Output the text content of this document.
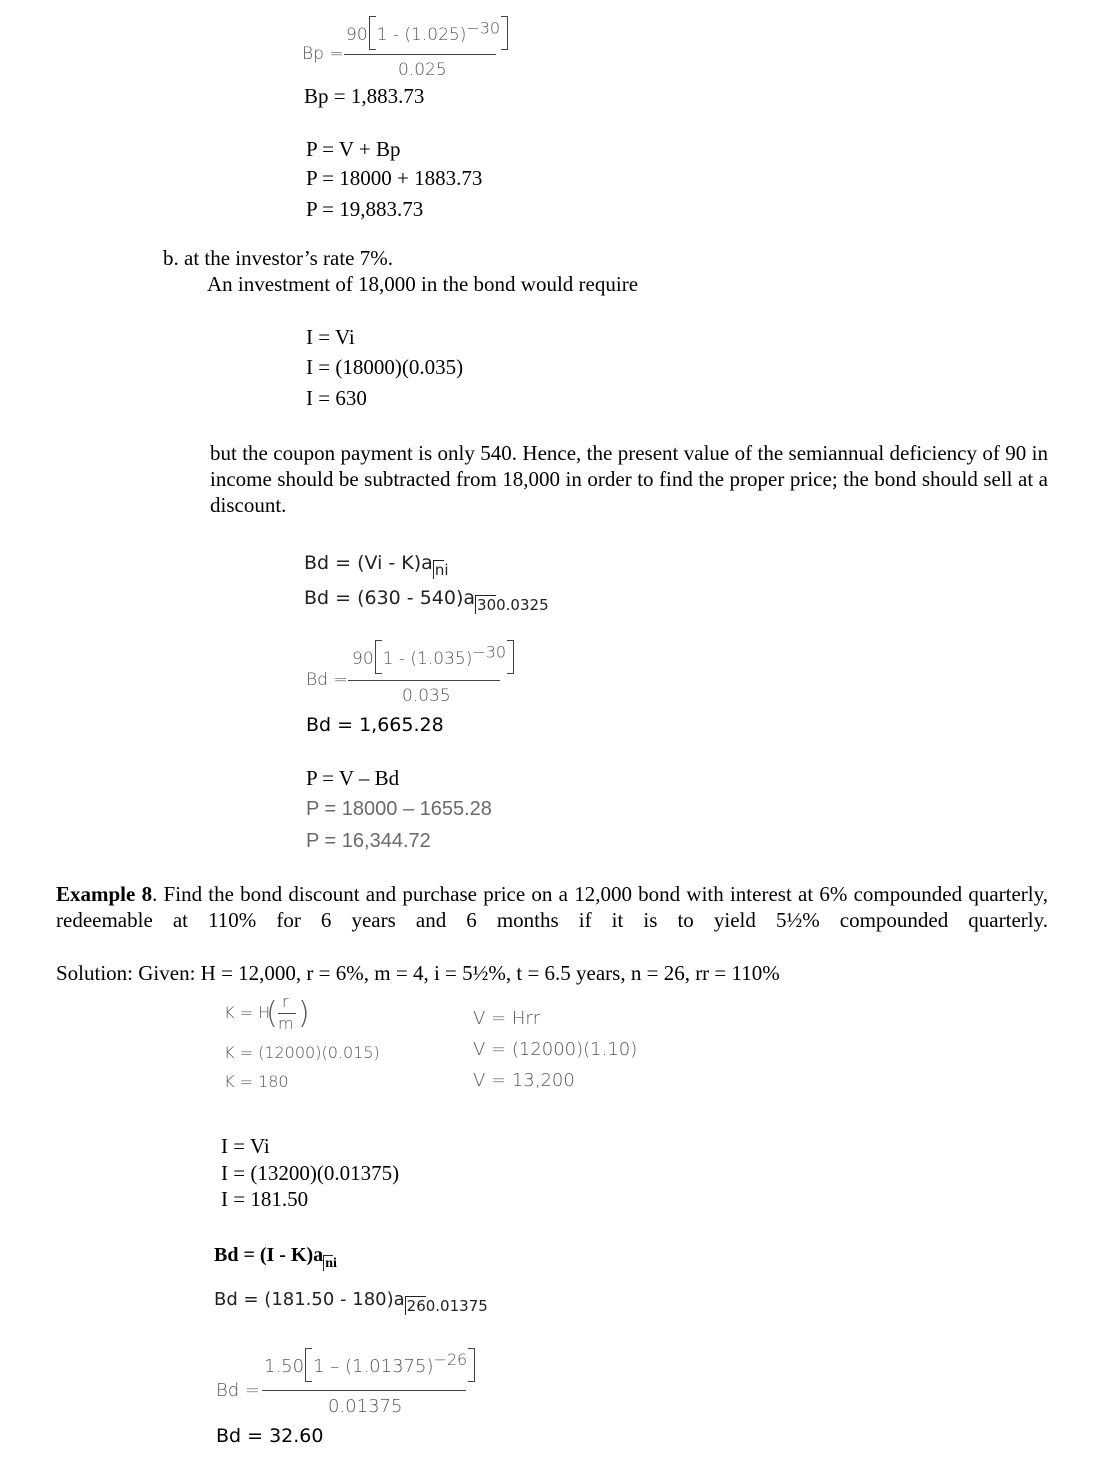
Bp =
90 $1 - (1.025)^{-30}$
0.025
Bp = 1,883.73
P = V + Bp
P = 18000 + 1883.73
P = 19,883.73
b. at the investor’s rate 7%.
An investment of 18,000 in the bond would require
I = Vi
I = (18000)(0.035)
I = 630
but the coupon payment is only 540. Hence, the present value of the semiannual deficiency of 90 in income should be subtracted from 18,000 in order to find the proper price; the bond should sell at a discount.
Bd = (Vi - K)a $_{ni}$
Bd = (630 - 540)a $_{300.0325}$
Bd =
90 $1 - (1.035)^{-30}$
0.035
Bd = 1,665.28
P = V – Bd
P = 18000 – 1655.28
P = 16,344.72
Example 8. Find the bond discount and purchase price on a 12,000 bond with interest at 6% compounded quarterly, redeemable at 110% for 6 years and 6 months if it is to yield 5½% compounded quarterly.
Solution: Given: H = 12,000, r = 6%, m = 4, i = 5½%, t = 6.5 years, n = 26, rr = 110%
K = H
( r
m )
K = (12000)(0.015)
K = 180
V = Hrr
V = (12000)(1.10)
V = 13,200
I = Vi
I = (13200)(0.01375)
I = 181.50
Bd = (I - K)a $_{ni}$
Bd = (181.50 - 180)a $_{260.01375}$
Bd =
1.50 $1 - (1.01375)^{-26}$
0.01375
Bd = 32.60
